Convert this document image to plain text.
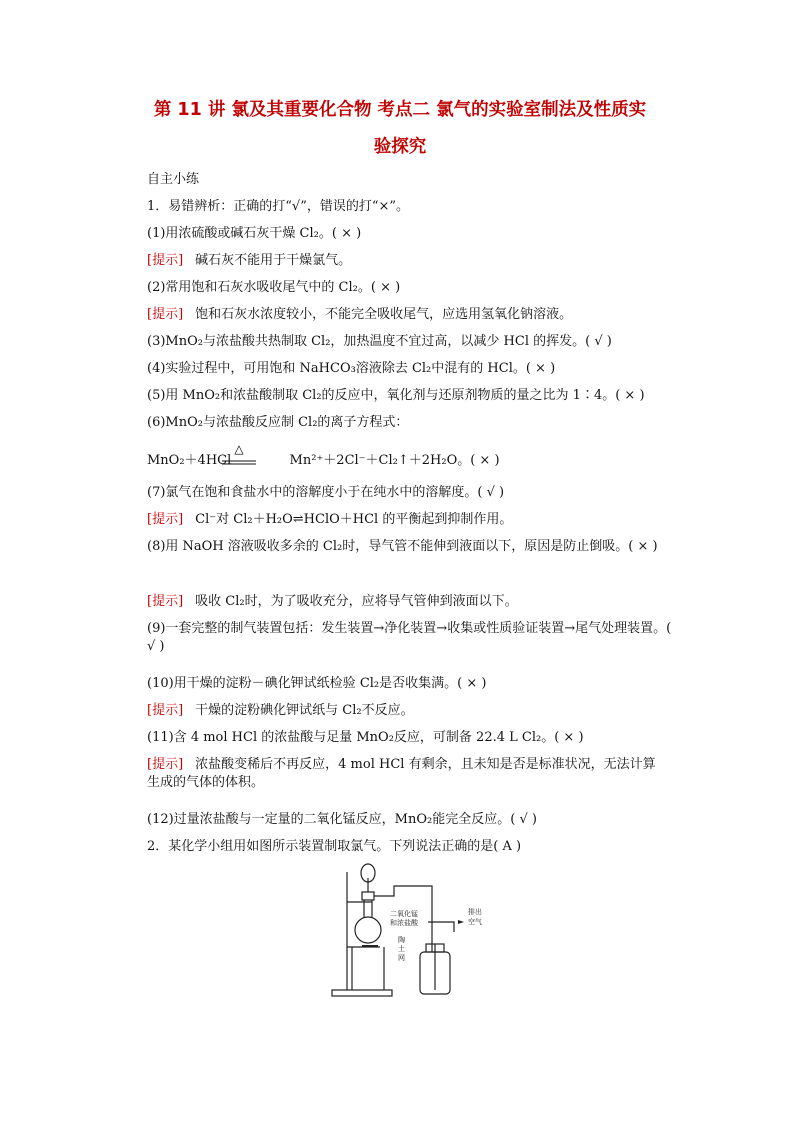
第 11 讲 氯及其重要化合物 考点二 氯气的实验室制法及性质实
验探究
自主小练
1．易错辨析：正确的打“√”，错误的打“×”。
(1)用浓硫酸或碱石灰干燥 Cl₂。( × )
[提示] 碱石灰不能用于干燥氯气。
(2)常用饱和石灰水吸收尾气中的 Cl₂。( × )
[提示] 饱和石灰水浓度较小，不能完全吸收尾气，应选用氢氧化钠溶液。
(3)MnO₂与浓盐酸共热制取 Cl₂，加热温度不宜过高，以减少 HCl 的挥发。( √ )
(4)实验过程中，可用饱和 NaHCO₃溶液除去 Cl₂中混有的 HCl。( × )
(5)用 MnO₂和浓盐酸制取 Cl₂的反应中，氧化剂与还原剂物质的量之比为 1∶4。( × )
(6)MnO₂与浓盐酸反应制 Cl₂的离子方程式：
MnO₂＋4HCl	Mn²⁺＋2Cl⁻＋Cl₂↑＋2H₂O。( × )
△
(7)氯气在饱和食盐水中的溶解度小于在纯水中的溶解度。( √ )
[提示] Cl⁻对 Cl₂＋H₂O⇌HClO＋HCl 的平衡起到抑制作用。
(8)用 NaOH 溶液吸收多余的 Cl₂时，导气管不能伸到液面以下，原因是防止倒吸。( × )
[提示] 吸收 Cl₂时，为了吸收充分，应将导气管伸到液面以下。
(9)一套完整的制气装置包括：发生装置→净化装置→收集或性质验证装置→尾气处理装置。( √ )
(10)用干燥的淀粉－碘化钾试纸检验 Cl₂是否收集满。( × )
[提示] 干燥的淀粉碘化钾试纸与 Cl₂不反应。
(11)含 4 mol HCl 的浓盐酸与足量 MnO₂反应，可制备 22.4 L Cl₂。( × )
[提示] 浓盐酸变稀后不再反应，4 mol HCl 有剩余，且未知是否是标准状况，无法计算生成的气体的体积。
(12)过量浓盐酸与一定量的二氧化锰反应，MnO₂能完全反应。( √ )
2．某化学小组用如图所示装置制取氯气。下列说法正确的是( A )
二氧化锰 和浓盐酸 陶 土 网 排出 空气
